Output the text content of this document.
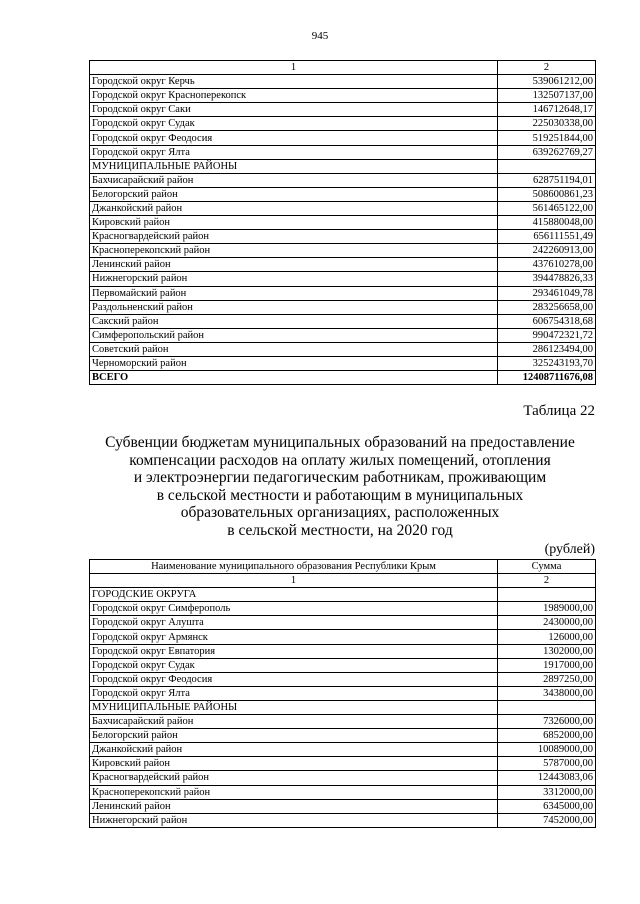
945
1	2
Городской округ Керчь	539061212,00
Городской округ Красноперекопск	132507137,00
Городской округ Саки	146712648,17
Городской округ Судак	225030338,00
Городской округ Феодосия	519251844,00
Городской округ Ялта	639262769,27
МУНИЦИПАЛЬНЫЕ РАЙОНЫ	
Бахчисарайский район	628751194,01
Белогорский район	508600861,23
Джанкойский район	561465122,00
Кировский район	415880048,00
Красногвардейский район	656111551,49
Красноперекопский район	242260913,00
Ленинский район	437610278,00
Нижнегорский район	394478826,33
Первомайский район	293461049,78
Раздольненский район	283256658,00
Сакский район	606754318,68
Симферопольский район	990472321,72
Советский район	286123494,00
Черноморский район	325243193,70
ВСЕГО	12408711676,08
Таблица 22
Субвенции бюджетам муниципальных образований на предоставление
компенсации расходов на оплату жилых помещений, отопления
и электроэнергии педагогическим работникам, проживающим
в сельской местности и работающим в муниципальных
образовательных организациях, расположенных
в сельской местности, на 2020 год
(рублей)
Наименование муниципального образования Республики Крым	Сумма
1	2
ГОРОДСКИЕ ОКРУГА	
Городской округ Симферополь	1989000,00
Городской округ Алушта	2430000,00
Городской округ Армянск	126000,00
Городской округ Евпатория	1302000,00
Городской округ Судак	1917000,00
Городской округ Феодосия	2897250,00
Городской округ Ялта	3438000,00
МУНИЦИПАЛЬНЫЕ РАЙОНЫ	
Бахчисарайский район	7326000,00
Белогорский район	6852000,00
Джанкойский район	10089000,00
Кировский район	5787000,00
Красногвардейский район	12443083,06
Красноперекопский район	3312000,00
Ленинский район	6345000,00
Нижнегорский район	7452000,00
